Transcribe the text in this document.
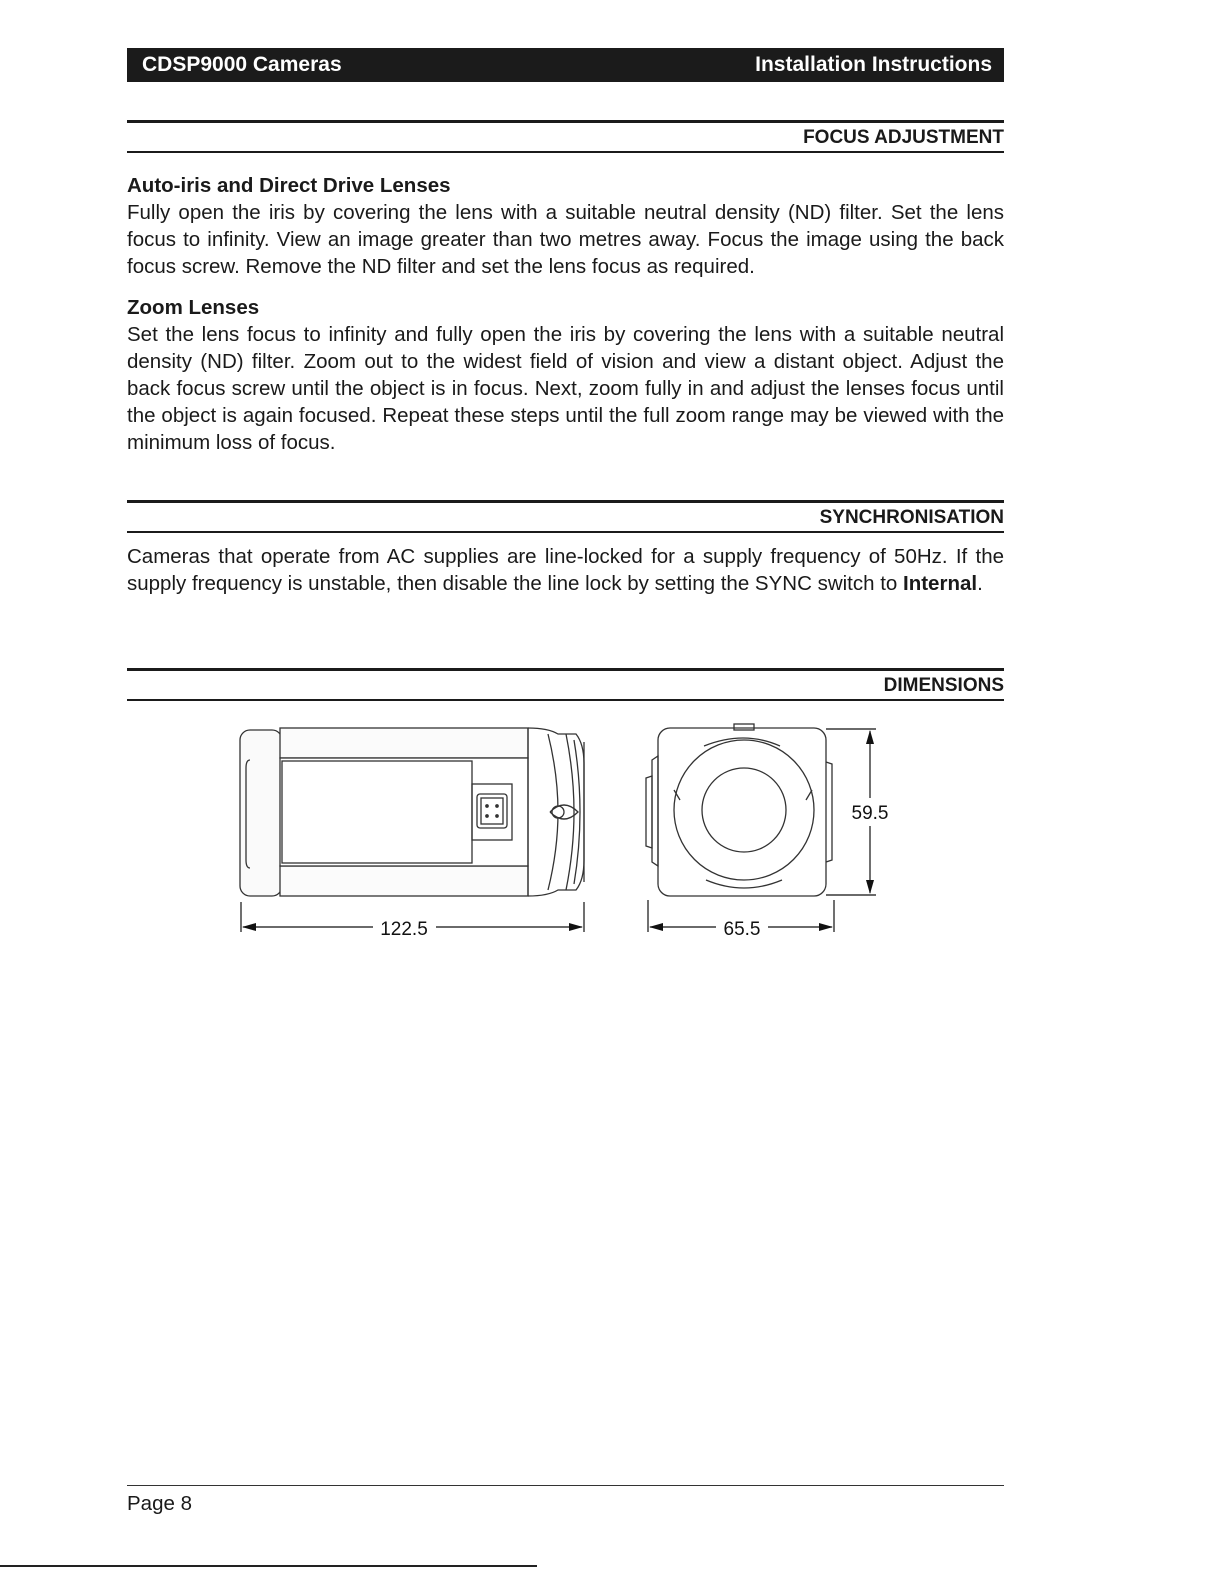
CDSP9000 Cameras	Installation Instructions
FOCUS ADJUSTMENT
Auto-iris and Direct Drive Lenses

Fully open the iris by covering the lens with a suitable neutral density (ND) filter. Set the lens focus to infinity. View an image greater than two metres away. Focus the image using the back focus screw. Remove the ND filter and set the lens focus as required.

Zoom Lenses

Set the lens focus to infinity and fully open the iris by covering the lens with a suitable neutral density (ND) filter. Zoom out to the widest field of vision and view a distant object. Adjust the back focus screw until the object is in focus. Next, zoom fully in and adjust the lenses focus until the object is again focused. Repeat these steps until the full zoom range may be viewed with the minimum loss of focus.

SYNCHRONISATION

Cameras that operate from AC supplies are line-locked for a supply frequency of 50Hz. If the supply frequency is unstable, then disable the line lock by setting the SYNC switch to Internal.

DIMENSIONS
122.5	65.5
59.5
Page 8
